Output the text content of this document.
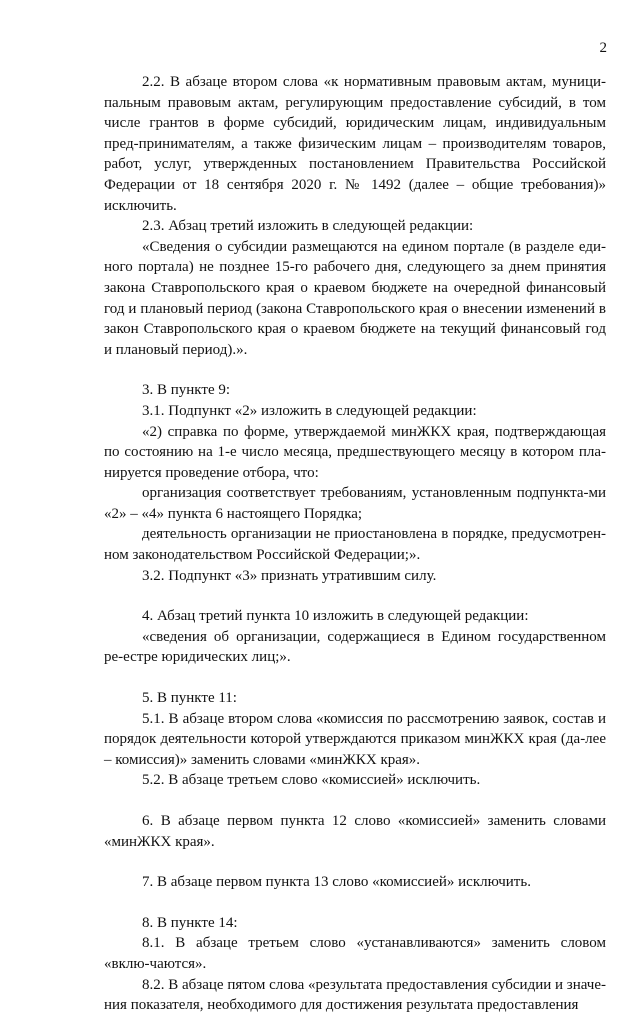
2

2.2. В абзаце втором слова «к нормативным правовым актам, муници-пальным правовым актам, регулирующим предоставление субсидий, в том числе грантов в форме субсидий, юридическим лицам, индивидуальным пред-принимателям, а также физическим лицам – производителям товаров, работ, услуг, утвержденных постановлением Правительства Российской Федерации от 18 сентября 2020 г. № 1492 (далее – общие требования)» исключить.

2.3. Абзац третий изложить в следующей редакции:

«Сведения о субсидии размещаются на едином портале (в разделе еди-ного портала) не позднее 15-го рабочего дня, следующего за днем принятия закона Ставропольского края о краевом бюджете на очередной финансовый год и плановый период (закона Ставропольского края о внесении изменений в закон Ставропольского края о краевом бюджете на текущий финансовый год и плановый период).».

3. В пункте 9:

3.1. Подпункт «2» изложить в следующей редакции:

«2) справка по форме, утверждаемой минЖКХ края, подтверждающая по состоянию на 1-е число месяца, предшествующего месяцу в котором пла-нируется проведение отбора, что:

организация соответствует требованиям, установленным подпункта-ми «2» – «4» пункта 6 настоящего Порядка;

деятельность организации не приостановлена в порядке, предусмотрен-ном законодательством Российской Федерации;».

3.2. Подпункт «3» признать утратившим силу.

4. Абзац третий пункта 10 изложить в следующей редакции:

«сведения об организации, содержащиеся в Едином государственном ре-естре юридических лиц;».

5. В пункте 11:

5.1. В абзаце втором слова «комиссия по рассмотрению заявок, состав и порядок деятельности которой утверждаются приказом минЖКХ края (да-лее – комиссия)» заменить словами «минЖКХ края».

5.2. В абзаце третьем слово «комиссией» исключить.

6. В абзаце первом пункта 12 слово «комиссией» заменить словами «минЖКХ края».

7. В абзаце первом пункта 13 слово «комиссией» исключить.

8. В пункте 14:

8.1. В абзаце третьем слово «устанавливаются» заменить словом «вклю-чаются».

8.2. В абзаце пятом слова «результата предоставления субсидии и значе-ния показателя, необходимого для достижения результата предоставления
